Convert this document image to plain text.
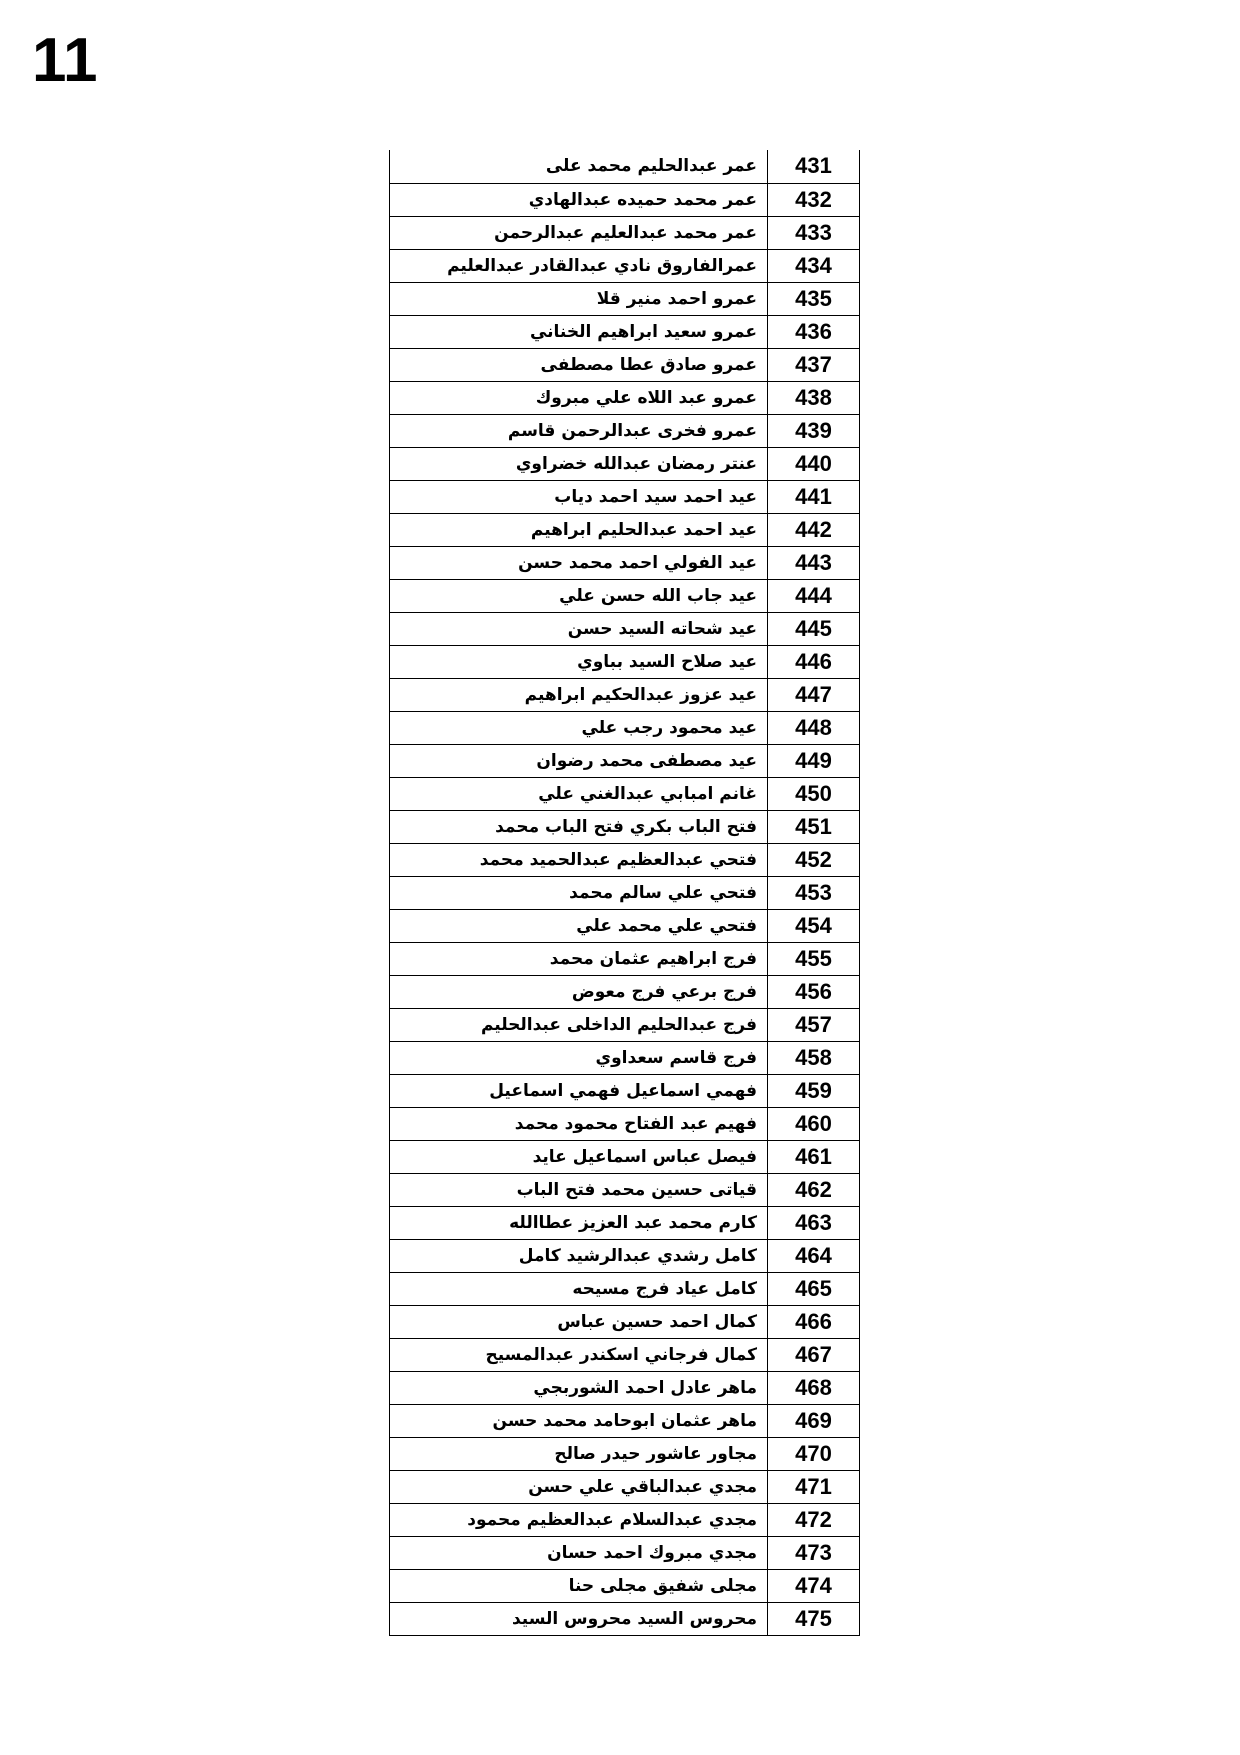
11
431	عمر عبدالحليم محمد على
432	عمر محمد حميده عبدالهادي
433	عمر محمد عبدالعليم عبدالرحمن
434	عمرالفاروق نادي عبدالقادر عبدالعليم
435	عمرو احمد منير قلا
436	عمرو سعيد ابراهيم الخناني
437	عمرو صادق عطا مصطفى
438	عمرو عبد اللاه علي مبروك
439	عمرو فخرى عبدالرحمن قاسم
440	عنتر رمضان عبدالله خضراوي
441	عيد احمد سيد احمد دياب
442	عيد احمد عبدالحليم ابراهيم
443	عيد الفولي احمد محمد حسن
444	عيد جاب الله حسن علي
445	عيد شحاته السيد حسن
446	عيد صلاح السيد بباوي
447	عيد عزوز عبدالحكيم ابراهيم
448	عيد محمود رجب علي
449	عيد مصطفى محمد رضوان
450	غانم امبابي عبدالغني علي
451	فتح الباب بكري فتح الباب محمد
452	فتحي عبدالعظيم عبدالحميد محمد
453	فتحي علي سالم محمد
454	فتحي علي محمد علي
455	فرج ابراهيم عثمان محمد
456	فرج برعي فرج معوض
457	فرج عبدالحليم الداخلى عبدالحليم
458	فرج قاسم سعداوي
459	فهمي اسماعيل فهمي اسماعيل
460	فهيم عبد الفتاح محمود محمد
461	فيصل عباس اسماعيل عايد
462	قياتى حسين محمد فتح الباب
463	كارم محمد عبد العزيز عطاالله
464	كامل رشدي عبدالرشيد كامل
465	كامل عياد فرج مسيحه
466	كمال احمد حسين عباس
467	كمال فرجاني اسكندر عبدالمسيح
468	ماهر عادل احمد الشوربجي
469	ماهر عثمان ابوحامد محمد حسن
470	مجاور عاشور حيدر صالح
471	مجدي عبدالباقي علي حسن
472	مجدي عبدالسلام عبدالعظيم محمود
473	مجدي مبروك احمد حسان
474	مجلى شفيق مجلى حنا
475	محروس السيد محروس السيد
